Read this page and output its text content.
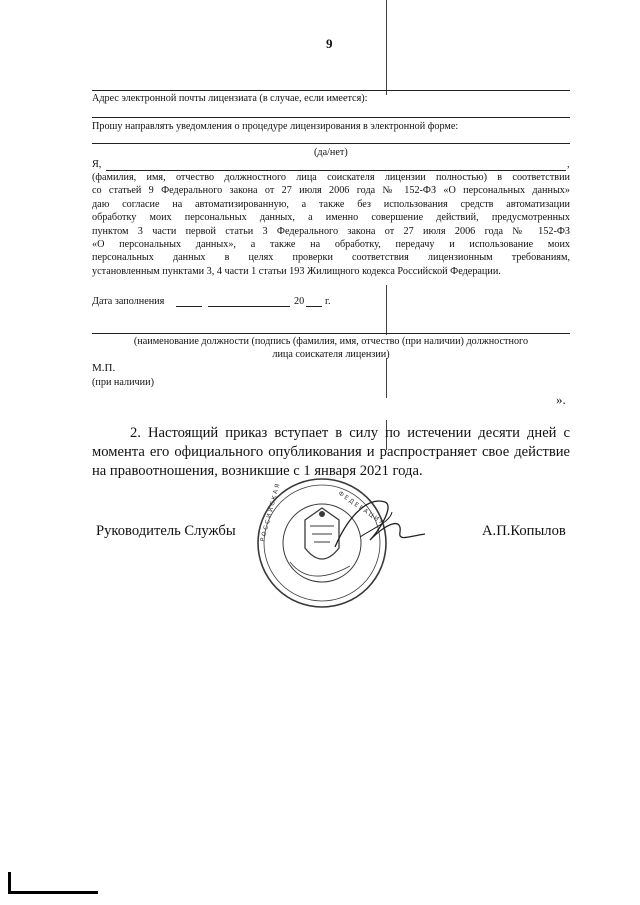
9
Адрес электронной почты лицензиата (в случае, если имеется):
Прошу направлять уведомления о процедуре лицензирования в электронной форме:
(да/нет)
Я,	,
(фамилия, имя, отчество должностного лица соискателя лицензии полностью) в соответствии
со статьей 9 Федерального закона от 27 июля 2006 года № 152-ФЗ «О персональных данных»
даю согласие на автоматизированную, а также без использования средств автоматизации
обработку моих персональных данных, а именно совершение действий, предусмотренных
пунктом 3 части первой статьи 3 Федерального закона от 27 июля 2006 года № 152-ФЗ
«О персональных данных», а также на обработку, передачу и использование моих
персональных данных в целях проверки соответствия лицензионным требованиям,
установленным пунктами 3, 4 части 1 статьи 193 Жилищного кодекса Российской Федерации.
Дата заполнения	20 г.
(наименование должности (подпись (фамилия, имя, отчество (при наличии) должностного
лица соискателя лицензии)
М.П.
(при наличии)
».
2. Настоящий приказ вступает в силу по истечении десяти дней с
момента его официального опубликования и распространяет свое действие
на правоотношения, возникшие с 1 января 2021 года.
Руководитель Службы	А.П.Копылов
Р О С С И Й С К А Я	Ф Е Д Е Р А Ц И Я
